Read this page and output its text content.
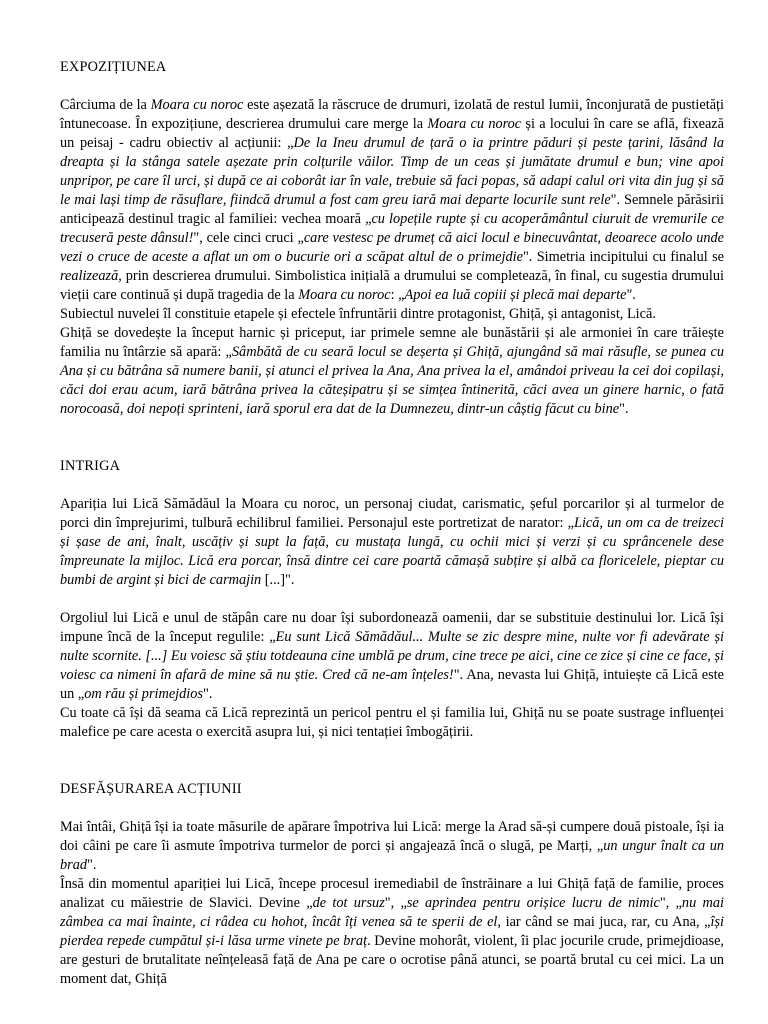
EXPOZIȚIUNEA

Cârciuma de la Moara cu noroc este așezată la răscruce de drumuri, izolată de restul lumii, înconjurată de pustietăți întunecoase. În expozițiune, descrierea drumului care merge la Moara cu noroc și a locului în care se află, fixează un peisaj - cadru obiectiv al acțiunii: „De la Ineu drumul de țară o ia printre păduri și peste țarini, lăsând la dreapta și la stânga satele așezate prin colțurile văilor. Timp de un ceas și jumătate drumul e bun; vine apoi unpripor, pe care îl urci, și după ce ai coborât iar în vale, trebuie să faci popas, să adapi calul ori vita din jug și să le mai lași timp de răsuflare, fiindcă drumul a fost cam greu iară mai departe locurile sunt rele". Semnele părăsirii anticipează destinul tragic al familiei: vechea moară „cu lopețile rupte și cu acoperământul ciuruit de vremurile ce trecuseră peste dânsul!", cele cinci cruci „care vestesc pe drumeț că aici locul e binecuvântat, deoarece acolo unde vezi o cruce de aceste a aflat un om o bucurie ori a scăpat altul de o primejdie". Simetria incipitului cu finalul se realizează, prin descrierea drumului. Simbolistica inițială a drumului se completează, în final, cu sugestia drumului vieții care continuă și după tragedia de la Moara cu noroc: „Apoi ea luă copiii și plecă mai departe".

Subiectul nuvelei îl constituie etapele și efectele înfruntării dintre protagonist, Ghiță, și antagonist, Lică.

Ghiță se dovedește la început harnic și priceput, iar primele semne ale bunăstării și ale armoniei în care trăiește familia nu întârzie să apară: „Sâmbătă de cu seară locul se deșerta și Ghiță, ajungând să mai răsufle, se punea cu Ana și cu bătrâna să numere banii, și atunci el privea la Ana, Ana privea la el, amândoi priveau la cei doi copilași, căci doi erau acum, iară bătrâna privea la căteșipatru și se simțea întinerită, căci avea un ginere harnic, o fată norocoasă, doi nepoți sprinteni, iară sporul era dat de la Dumnezeu, dintr-un câștig făcut cu bine".

INTRIGA

Apariția lui Lică Sămădăul la Moara cu noroc, un personaj ciudat, carismatic, șeful porcarilor și al turmelor de porci din împrejurimi, tulbură echilibrul familiei. Personajul este portretizat de narator: „Lică, un om ca de treizeci și șase de ani, înalt, uscățiv și supt la față, cu mustața lungă, cu ochii mici și verzi și cu sprâncenele dese împreunate la mijloc. Lică era porcar, însă dintre cei care poartă cămașă subțire și albă ca floricelele, pieptar cu bumbi de argint și bici de carmajin [...]".

Orgoliul lui Lică e unul de stăpân care nu doar își subordonează oamenii, dar se substituie destinului lor. Lică își impune încă de la început regulile: „Eu sunt Lică Sămădăul... Multe se zic despre mine, nulte vor fi adevărate și nulte scornite. [...] Eu voiesc să știu totdeauna cine umblă pe drum, cine trece pe aici, cine ce zice și cine ce face, și voiesc ca nimeni în afară de mine să nu știe. Cred că ne-am înțeles!". Ana, nevasta lui Ghiță, intuiește că Lică este un „om rău și primejdios".

Cu toate că își dă seama că Lică reprezintă un pericol pentru el și familia lui, Ghiță nu se poate sustrage influenței malefice pe care acesta o exercită asupra lui, și nici tentației îmbogățirii.

DESFĂȘURAREA ACȚIUNII

Mai întâi, Ghiță își ia toate măsurile de apărare împotriva lui Lică: merge la Arad să-și cumpere două pistoale, își ia doi câini pe care îi asmute împotriva turmelor de porci și angajează încă o slugă, pe Marți, „un ungur înalt ca un brad".

Însă din momentul apariției lui Lică, începe procesul iremediabil de înstrăinare a lui Ghiță față de familie, proces analizat cu măiestrie de Slavici. Devine „de tot ursuz", „se aprindea pentru orișice lucru de nimic", „nu mai zâmbea ca mai înainte, ci râdea cu hohot, încât îți venea să te sperii de el, iar când se mai juca, rar, cu Ana, „își pierdea repede cumpătul și-i lăsa urme vinete pe braț. Devine mohorât, violent, îi plac jocurile crude, primejdioase, are gesturi de brutalitate neînțeleasă față de Ana pe care o ocrotise până atunci, se poartă brutal cu cei mici. La un moment dat, Ghiță
